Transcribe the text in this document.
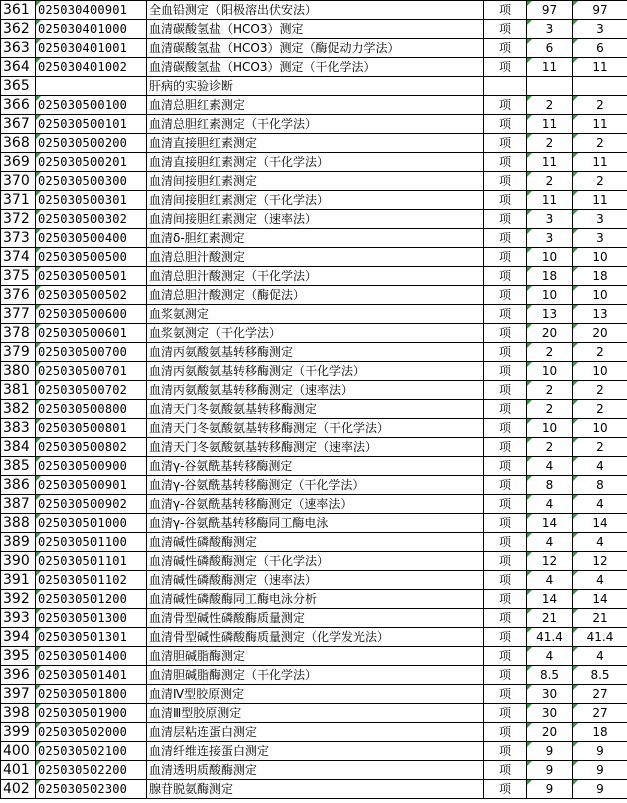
361	025030400901	全血铅测定（阳极溶出伏安法）	项	97	97
362	025030401000	血清碳酸氢盐（HCO3）测定	项	3	3
363	025030401001	血清碳酸氢盐（HCO3）测定（酶促动力学法）	项	6	6
364	025030401002	血清碳酸氢盐（HCO3）测定（干化学法）	项	11	11
365		肝病的实验诊断			
366	025030500100	血清总胆红素测定	项	2	2
367	025030500101	血清总胆红素测定（干化学法）	项	11	11
368	025030500200	血清直接胆红素测定	项	2	2
369	025030500201	血清直接胆红素测定（干化学法）	项	11	11
370	025030500300	血清间接胆红素测定	项	2	2
371	025030500301	血清间接胆红素测定（干化学法）	项	11	11
372	025030500302	血清间接胆红素测定（速率法）	项	3	3
373	025030500400	血清δ-胆红素测定	项	3	3
374	025030500500	血清总胆汁酸测定	项	10	10
375	025030500501	血清总胆汁酸测定（干化学法）	项	18	18
376	025030500502	血清总胆汁酸测定（酶促法）	项	10	10
377	025030500600	血浆氨测定	项	13	13
378	025030500601	血浆氨测定（干化学法）	项	20	20
379	025030500700	血清丙氨酸氨基转移酶测定	项	2	2
380	025030500701	血清丙氨酸氨基转移酶测定（干化学法）	项	10	10
381	025030500702	血清丙氨酸氨基转移酶测定（速率法）	项	2	2
382	025030500800	血清天门冬氨酸氨基转移酶测定	项	2	2
383	025030500801	血清天门冬氨酸氨基转移酶测定（干化学法）	项	10	10
384	025030500802	血清天门冬氨酸氨基转移酶测定（速率法）	项	2	2
385	025030500900	血清γ-谷氨酰基转移酶测定	项	4	4
386	025030500901	血清γ-谷氨酰基转移酶测定（干化学法）	项	8	8
387	025030500902	血清γ-谷氨酰基转移酶测定（速率法）	项	4	4
388	025030501000	血清γ-谷氨酰基转移酶同工酶电泳	项	14	14
389	025030501100	血清碱性磷酸酶测定	项	4	4
390	025030501101	血清碱性磷酸酶测定（干化学法）	项	12	12
391	025030501102	血清碱性磷酸酶测定（速率法）	项	4	4
392	025030501200	血清碱性磷酸酶同工酶电泳分析	项	14	14
393	025030501300	血清骨型碱性磷酸酶质量测定	项	21	21
394	025030501301	血清骨型碱性磷酸酶质量测定（化学发光法）	项	41.4	41.4
395	025030501400	血清胆碱脂酶测定	项	4	4
396	025030501401	血清胆碱脂酶测定（干化学法）	项	8.5	8.5
397	025030501800	血清Ⅳ型胶原测定	项	30	27
398	025030501900	血清Ⅲ型胶原测定	项	30	27
399	025030502000	血清层粘连蛋白测定	项	20	18
400	025030502100	血清纤维连接蛋白测定	项	9	9
401	025030502200	血清透明质酸酶测定	项	9	9
402	025030502300	腺苷脱氨酶测定	项	9	9
